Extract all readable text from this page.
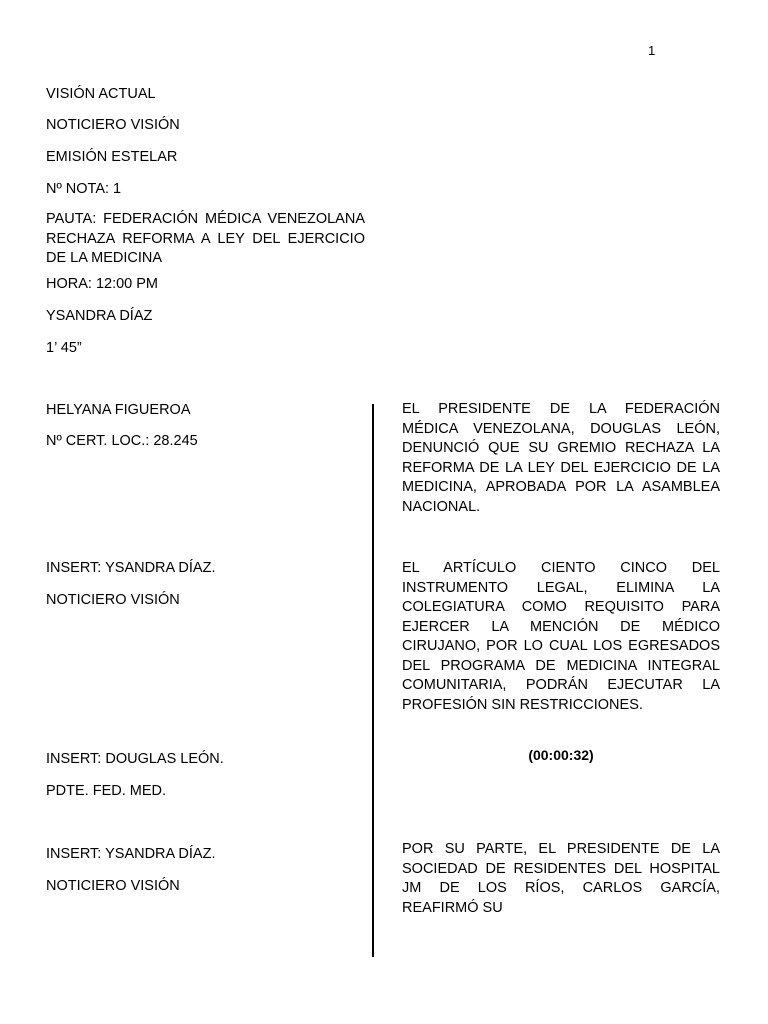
1
VISIÓN ACTUAL
NOTICIERO VISIÓN
EMISIÓN ESTELAR
Nº NOTA: 1
PAUTA: FEDERACIÓN MÉDICA VENEZOLANA RECHAZA REFORMA A LEY DEL EJERCICIO DE LA MEDICINA
HORA: 12:00 PM
YSANDRA DÍAZ
1’ 45”
HELYANA FIGUEROA
Nº CERT. LOC.: 28.245
INSERT: YSANDRA DÍAZ.
NOTICIERO VISIÓN
INSERT: DOUGLAS LEÓN.
PDTE. FED. MED.
INSERT: YSANDRA DÍAZ.
NOTICIERO VISIÓN
EL PRESIDENTE DE LA FEDERACIÓN MÉDICA VENEZOLANA, DOUGLAS LEÓN, DENUNCIÓ QUE SU GREMIO RECHAZA LA REFORMA DE LA LEY DEL EJERCICIO DE LA MEDICINA, APROBADA POR LA ASAMBLEA NACIONAL.
EL ARTÍCULO CIENTO CINCO DEL INSTRUMENTO LEGAL, ELIMINA LA COLEGIATURA COMO REQUISITO PARA EJERCER LA MENCIÓN DE MÉDICO CIRUJANO, POR LO CUAL LOS EGRESADOS DEL PROGRAMA DE MEDICINA INTEGRAL COMUNITARIA, PODRÁN EJECUTAR LA PROFESIÓN SIN RESTRICCIONES.
(00:00:32)
POR SU PARTE, EL PRESIDENTE DE LA SOCIEDAD DE RESIDENTES DEL HOSPITAL JM DE LOS RÍOS, CARLOS GARCÍA, REAFIRMÓ SU
